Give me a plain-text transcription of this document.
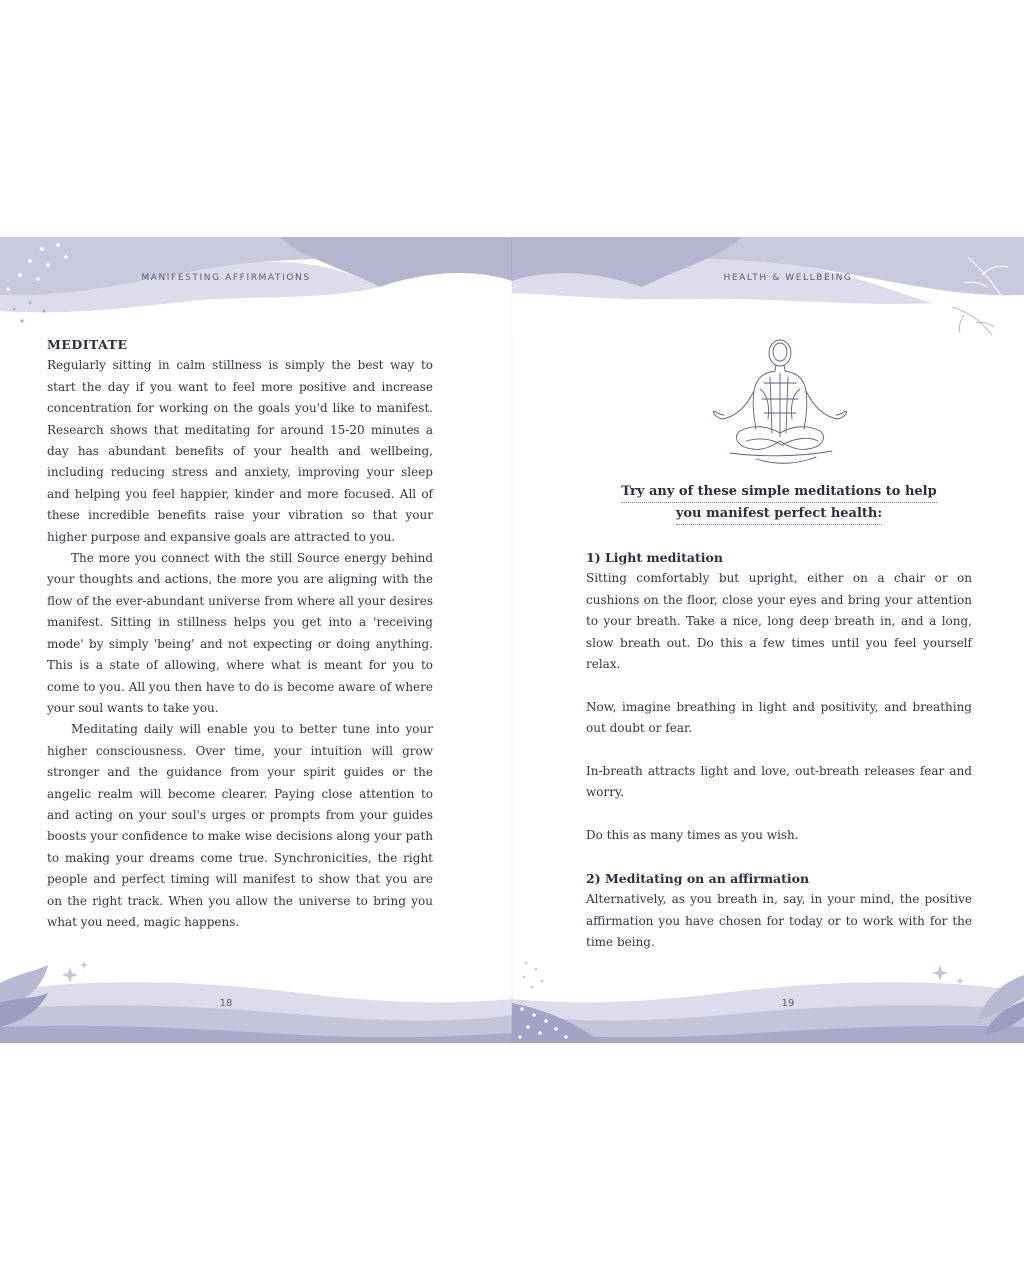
MANIFESTING AFFIRMATIONS
MEDITATE

Regularly sitting in calm stillness is simply the best way to start the day if you want to feel more positive and increase concentration for working on the goals you'd like to manifest. Research shows that meditating for around 15-20 minutes a day has abundant benefits of your health and wellbeing, including reducing stress and anxiety, improving your sleep and helping you feel happier, kinder and more focused. All of these incredible benefits raise your vibration so that your higher purpose and expansive goals are attracted to you.

The more you connect with the still Source energy behind your thoughts and actions, the more you are aligning with the flow of the ever-abundant universe from where all your desires manifest. Sitting in stillness helps you get into a 'receiving mode' by simply 'being' and not expecting or doing anything. This is a state of allowing, where what is meant for you to come to you. All you then have to do is become aware of where your soul wants to take you.

Meditating daily will enable you to better tune into your higher consciousness. Over time, your intuition will grow stronger and the guidance from your spirit guides or the angelic realm will become clearer. Paying close attention to and acting on your soul's urges or prompts from your guides boosts your confidence to make wise decisions along your path to making your dreams come true. Synchronicities, the right people and perfect timing will manifest to show that you are on the right track. When you allow the universe to bring you what you need, magic happens.

18
HEALTH & WELLBEING
Try any of these simple meditations to help
you manifest perfect health:
1) Light meditation

Sitting comfortably but upright, either on a chair or on cushions on the floor, close your eyes and bring your attention to your breath. Take a nice, long deep breath in, and a long, slow breath out. Do this a few times until you feel yourself relax.

Now, imagine breathing in light and positivity, and breathing out doubt or fear.

In-breath attracts light and love, out-breath releases fear and worry.

Do this as many times as you wish.

2) Meditating on an affirmation

Alternatively, as you breath in, say, in your mind, the positive affirmation you have chosen for today or to work with for the time being.

19
